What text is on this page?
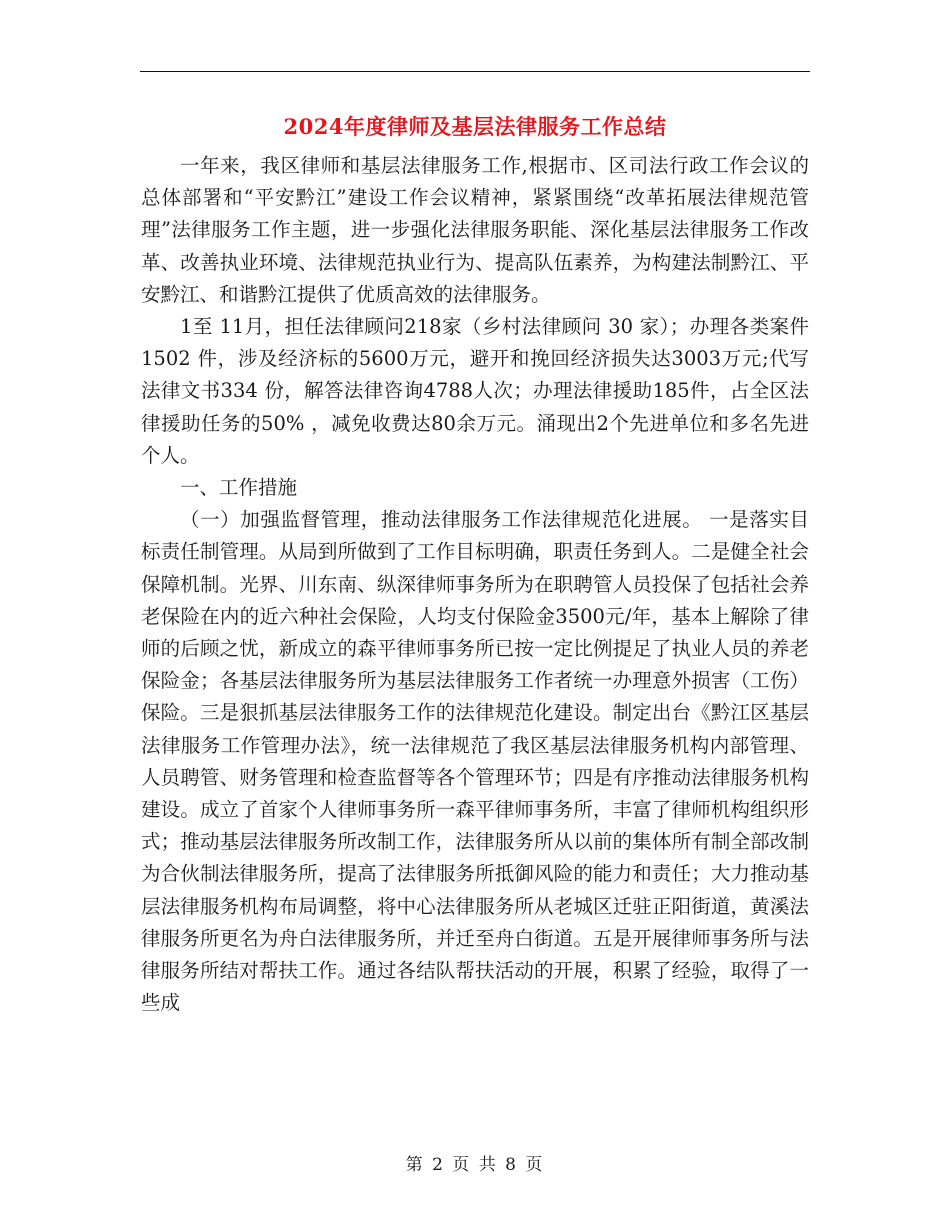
2024年度律师及基层法律服务工作总结

一年来，我区律师和基层法律服务工作,根据市、区司法行政工作会议的总体部署和“平安黔江”建设工作会议精神，紧紧围绕“改革拓展法律规范管理”法律服务工作主题，进一步强化法律服务职能、深化基层法律服务工作改革、改善执业环境、法律规范执业行为、提高队伍素养，为构建法制黔江、平安黔江、和谐黔江提供了优质高效的法律服务。

1至 11月，担任法律顾问218家（乡村法律顾问 30 家）；办理各类案件1502 件，涉及经济标的5600万元，避开和挽回经济损失达3003万元;代写法律文书334 份，解答法律咨询4788人次；办理法律援助185件，占全区法律援助任务的50% ，减免收费达80余万元。涌现出2个先进单位和多名先进个人。

一、工作措施

（一）加强监督管理，推动法律服务工作法律规范化进展。 一是落实目标责任制管理。从局到所做到了工作目标明确，职责任务到人。二是健全社会保障机制。光界、川东南、纵深律师事务所为在职聘管人员投保了包括社会养老保险在内的近六种社会保险，人均支付保险金3500元/年，基本上解除了律师的后顾之忧，新成立的森平律师事务所已按一定比例提足了执业人员的养老保险金；各基层法律服务所为基层法律服务工作者统一办理意外损害（工伤）保险。三是狠抓基层法律服务工作的法律规范化建设。制定出台《黔江区基层法律服务工作管理办法》，统一法律规范了我区基层法律服务机构内部管理、人员聘管、财务管理和检查监督等各个管理环节；四是有序推动法律服务机构建设。成立了首家个人律师事务所一森平律师事务所，丰富了律师机构组织形式；推动基层法律服务所改制工作，法律服务所从以前的集体所有制全部改制为合伙制法律服务所，提高了法律服务所抵御风险的能力和责任；大力推动基层法律服务机构布局调整，将中心法律服务所从老城区迁驻正阳街道，黄溪法律服务所更名为舟白法律服务所，并迁至舟白街道。五是开展律师事务所与法律服务所结对帮扶工作。通过各结队帮扶活动的开展，积累了经验，取得了一些成

第 2 页 共 8 页
